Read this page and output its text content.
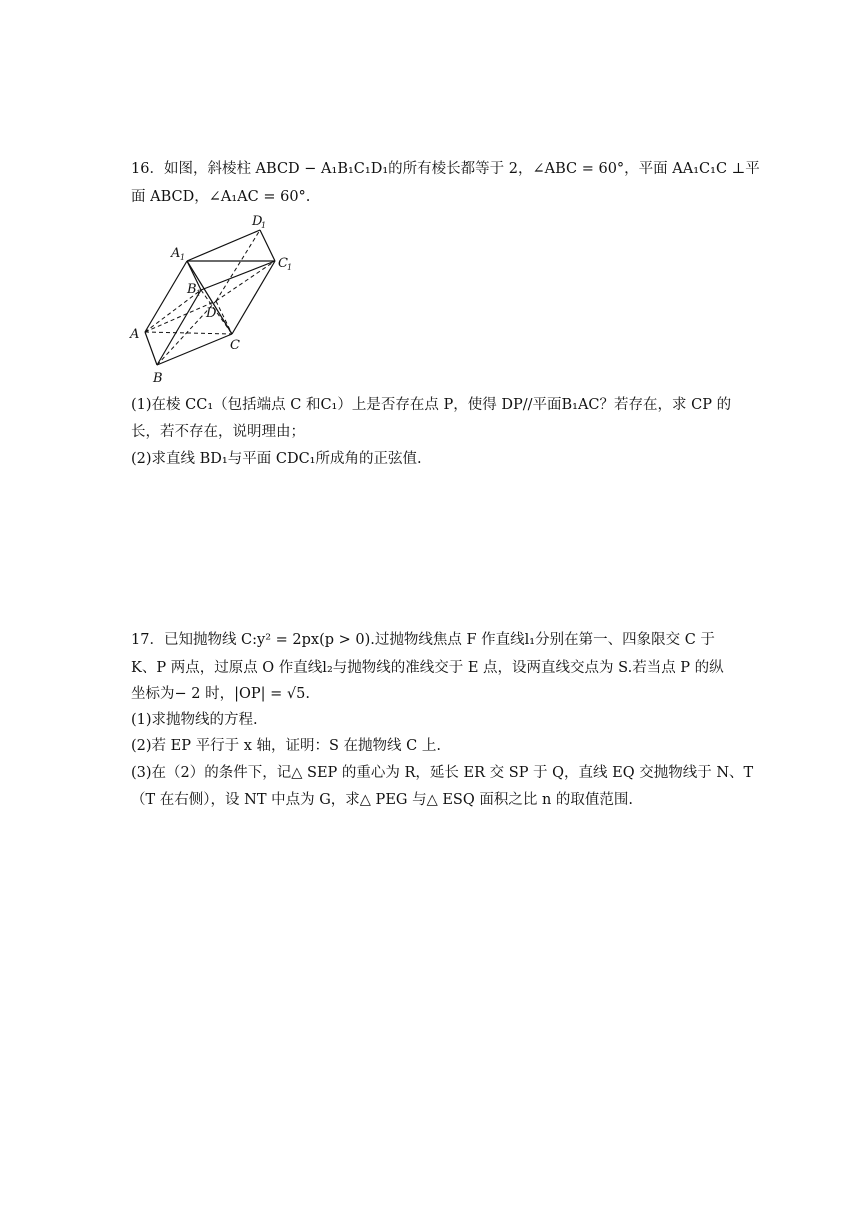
16．如图，斜棱柱 ABCD − A₁B₁C₁D₁的所有棱长都等于 2，∠ABC = 60°，平面 AA₁C₁C ⊥平
面 ABCD，∠A₁AC = 60°.
A
B
C
D
A 1
B 1
C 1
D
1
(1)在棱 CC₁（包括端点 C 和C₁）上是否存在点 P，使得 DP//平面B₁AC？若存在，求 CP 的
长，若不存在，说明理由；
(2)求直线 BD₁与平面 CDC₁所成角的正弦值.
17．已知抛物线 C:y² = 2px(p > 0).过抛物线焦点 F 作直线l₁分别在第一、四象限交 C 于
K、P 两点，过原点 O 作直线l₂与抛物线的准线交于 E 点，设两直线交点为 S.若当点 P 的纵
坐标为− 2 时，|OP| = √5.
(1)求抛物线的方程.
(2)若 EP 平行于 x 轴，证明：S 在抛物线 C 上.
(3)在（2）的条件下，记△ SEP 的重心为 R，延长 ER 交 SP 于 Q，直线 EQ 交抛物线于 N、T
（T 在右侧），设 NT 中点为 G，求△ PEG 与△ ESQ 面积之比 n 的取值范围.
